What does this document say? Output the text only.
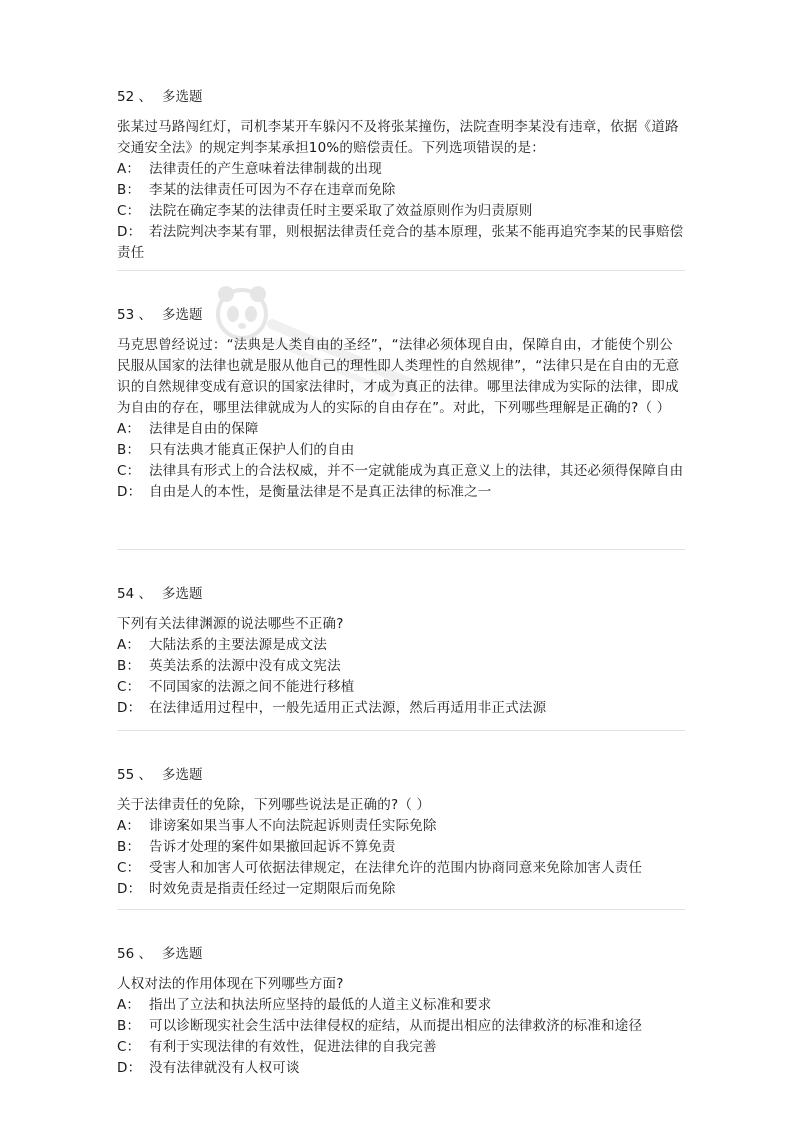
52 、 多选题
张某过马路闯红灯，司机李某开车躲闪不及将张某撞伤，法院查明李某没有违章，依据《道路交通安全法》的规定判李某承担10%的赔偿责任。下列选项错误的是：
A： 法律责任的产生意味着法律制裁的出现
B： 李某的法律责任可因为不存在违章而免除
C： 法院在确定李某的法律责任时主要采取了效益原则作为归责原则
D： 若法院判决李某有罪，则根据法律责任竞合的基本原理，张某不能再追究李某的民事赔偿责任
53 、 多选题
马克思曾经说过：“法典是人类自由的圣经”，“法律必须体现自由，保障自由，才能使个别公民服从国家的法律也就是服从他自己的理性即人类理性的自然规律”，“法律只是在自由的无意识的自然规律变成有意识的国家法律时，才成为真正的法律。哪里法律成为实际的法律，即成为自由的存在，哪里法律就成为人的实际的自由存在”。对此，下列哪些理解是正确的?（ ）
A： 法律是自由的保障
B： 只有法典才能真正保护人们的自由
C： 法律具有形式上的合法权威，并不一定就能成为真正意义上的法律，其还必须得保障自由
D： 自由是人的本性，是衡量法律是不是真正法律的标准之一
54 、 多选题
下列有关法律渊源的说法哪些不正确?
A： 大陆法系的主要法源是成文法
B： 英美法系的法源中没有成文宪法
C： 不同国家的法源之间不能进行移植
D： 在法律适用过程中，一般先适用正式法源，然后再适用非正式法源
55 、 多选题
关于法律责任的免除，下列哪些说法是正确的?（ ）
A： 诽谤案如果当事人不向法院起诉则责任实际免除
B： 告诉才处理的案件如果撤回起诉不算免责
C： 受害人和加害人可依据法律规定，在法律允许的范围内协商同意来免除加害人责任
D： 时效免责是指责任经过一定期限后而免除
56 、 多选题
人权对法的作用体现在下列哪些方面?
A： 指出了立法和执法所应坚持的最低的人道主义标准和要求
B： 可以诊断现实社会生活中法律侵权的症结，从而提出相应的法律救济的标准和途径
C： 有利于实现法律的有效性，促进法律的自我完善
D： 没有法律就没有人权可谈
